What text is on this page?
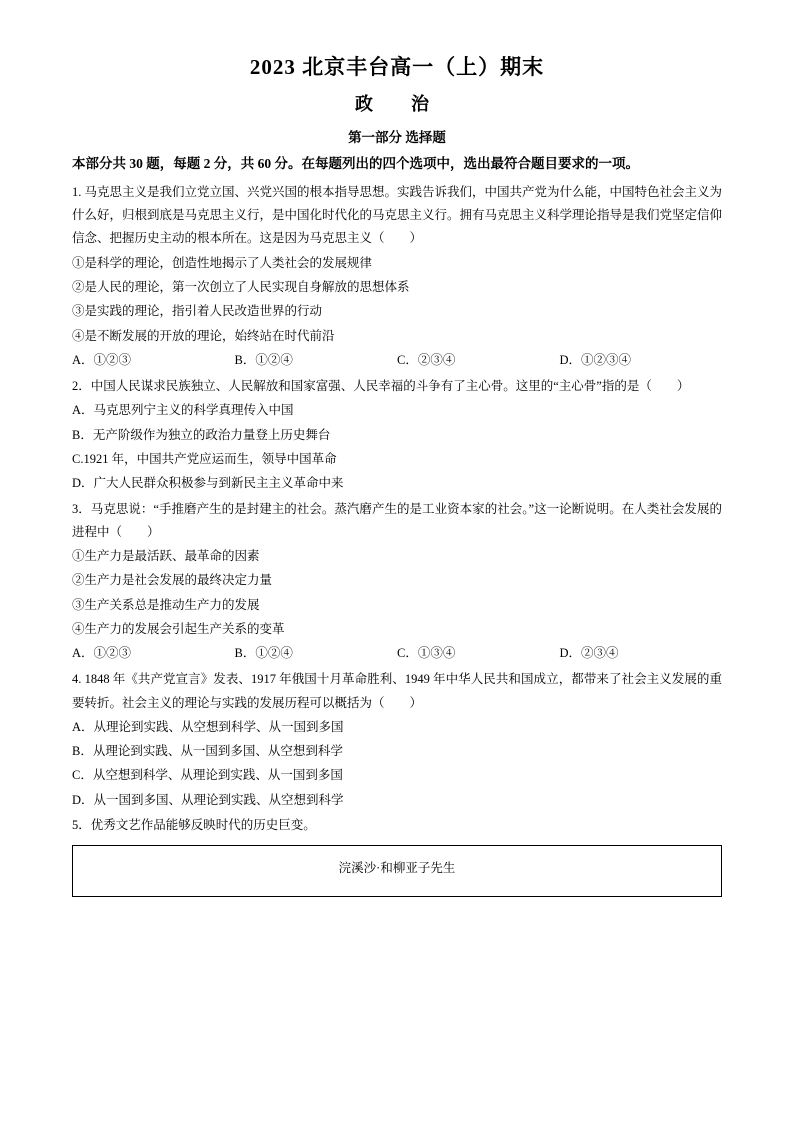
2023 北京丰台高一（上）期末
政　治
第一部分 选择题
本部分共 30 题，每题 2 分，共 60 分。在每题列出的四个选项中，选出最符合题目要求的一项。

1. 马克思主义是我们立党立国、兴党兴国的根本指导思想。实践告诉我们，中国共产党为什么能，中国特色社会主义为什么好，归根到底是马克思主义行，是中国化时代化的马克思主义行。拥有马克思主义科学理论指导是我们党坚定信仰信念、把握历史主动的根本所在。这是因为马克思主义（　　）

①是科学的理论，创造性地揭示了人类社会的发展规律

②是人民的理论，第一次创立了人民实现自身解放的思想体系

③是实践的理论，指引着人民改造世界的行动

④是不断发展的开放的理论，始终站在时代前沿

A．①②③	B．①②④	C．②③④	D．①②③④

2．中国人民谋求民族独立、人民解放和国家富强、人民幸福的斗争有了主心骨。这里的“主心骨”指的是（　　）

A．马克思列宁主义的科学真理传入中国

B．无产阶级作为独立的政治力量登上历史舞台

C.1921 年，中国共产党应运而生，领导中国革命

D．广大人民群众积极参与到新民主主义革命中来

3．马克思说：“手推磨产生的是封建主的社会。蒸汽磨产生的是工业资本家的社会。”这一论断说明。在人类社会发展的进程中（　　）

①生产力是最活跃、最革命的因素

②生产力是社会发展的最终决定力量

③生产关系总是推动生产力的发展

④生产力的发展会引起生产关系的变革

A．①②③	B．①②④	C．①③④	D．②③④

4. 1848 年《共产党宣言》发表、1917 年俄国十月革命胜利、1949 年中华人民共和国成立，都带来了社会主义发展的重要转折。社会主义的理论与实践的发展历程可以概括为（　　）

A．从理论到实践、从空想到科学、从一国到多国

B．从理论到实践、从一国到多国、从空想到科学

C．从空想到科学、从理论到实践、从一国到多国

D．从一国到多国、从理论到实践、从空想到科学

5．优秀文艺作品能够反映时代的历史巨变。

浣溪沙·和柳亚子先生
